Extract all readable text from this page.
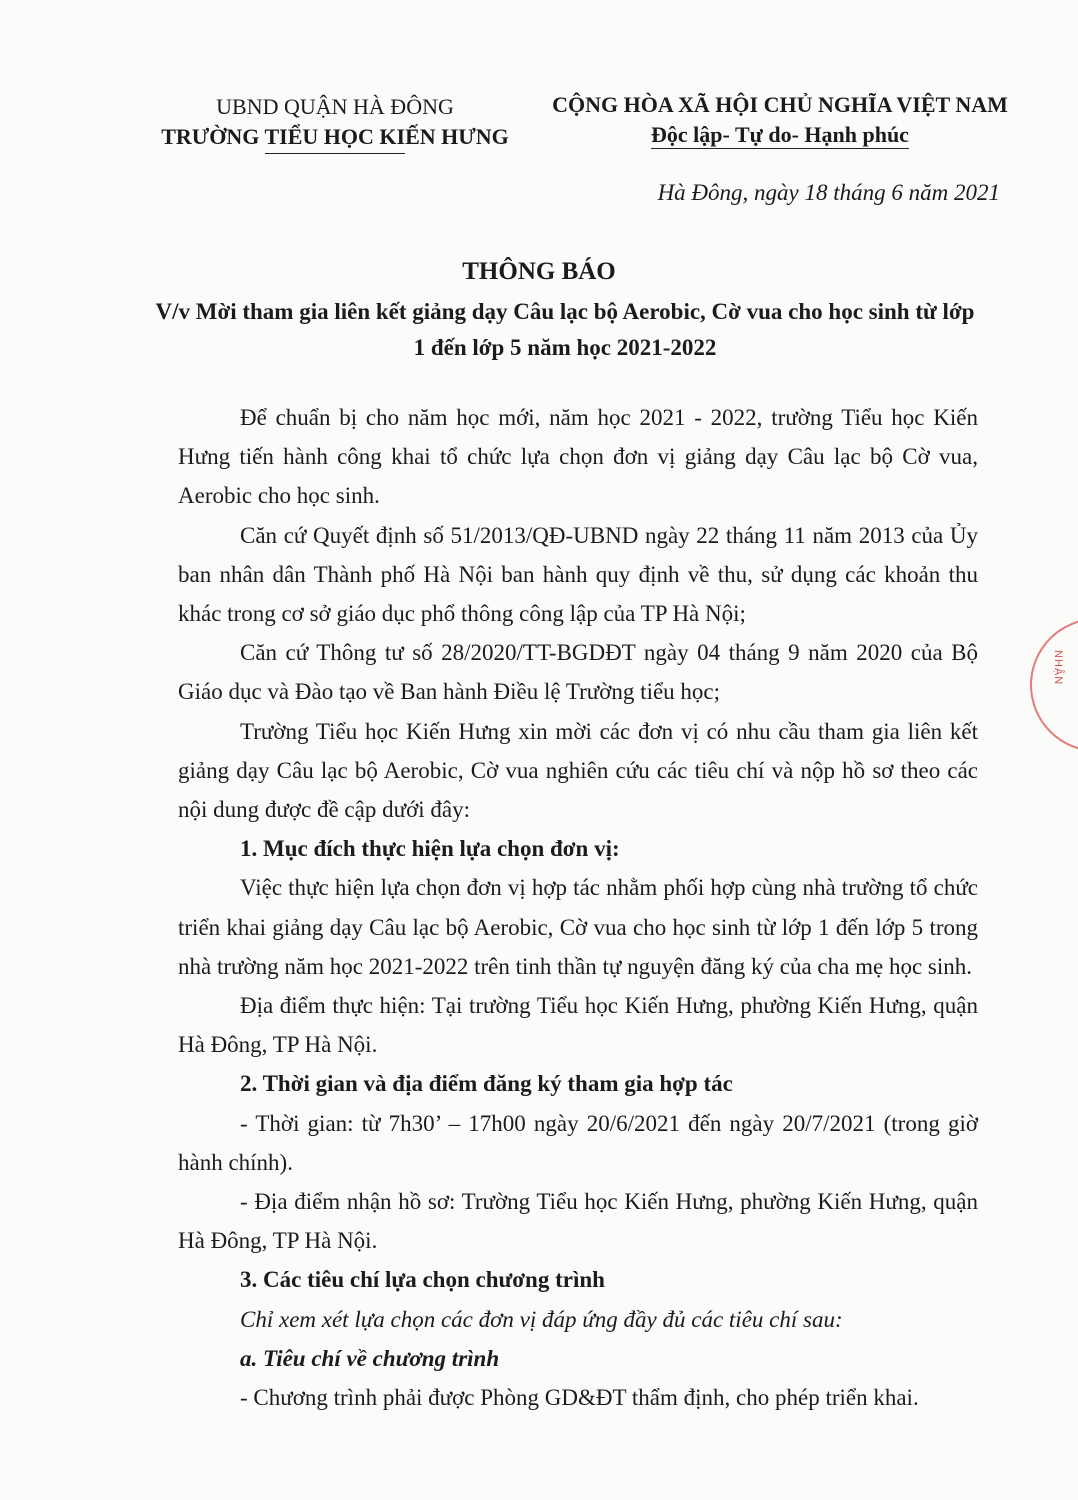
UBND QUẬN HÀ ĐÔNG
TRƯỜNG TIỂU HỌC KIẾN HƯNG
CỘNG HÒA XÃ HỘI CHỦ NGHĨA VIỆT NAM
Độc lập- Tự do- Hạnh phúc
Hà Đông, ngày 18 tháng 6 năm 2021
THÔNG BÁO
V/v Mời tham gia liên kết giảng dạy Câu lạc bộ Aerobic, Cờ vua cho học sinh từ lớp 1 đến lớp 5 năm học 2021-2022

Để chuẩn bị cho năm học mới, năm học 2021 - 2022, trường Tiểu học Kiến Hưng tiến hành công khai tổ chức lựa chọn đơn vị giảng dạy Câu lạc bộ Cờ vua, Aerobic cho học sinh.

Căn cứ Quyết định số 51/2013/QĐ-UBND ngày 22 tháng 11 năm 2013 của Ủy ban nhân dân Thành phố Hà Nội ban hành quy định về thu, sử dụng các khoản thu khác trong cơ sở giáo dục phổ thông công lập của TP Hà Nội;

Căn cứ Thông tư số 28/2020/TT-BGDĐT ngày 04 tháng 9 năm 2020 của Bộ Giáo dục và Đào tạo về Ban hành Điều lệ Trường tiểu học;

Trường Tiểu học Kiến Hưng xin mời các đơn vị có nhu cầu tham gia liên kết giảng dạy Câu lạc bộ Aerobic, Cờ vua nghiên cứu các tiêu chí và nộp hồ sơ theo các nội dung được đề cập dưới đây:

1. Mục đích thực hiện lựa chọn đơn vị:

Việc thực hiện lựa chọn đơn vị hợp tác nhằm phối hợp cùng nhà trường tổ chức triển khai giảng dạy Câu lạc bộ Aerobic, Cờ vua cho học sinh từ lớp 1 đến lớp 5 trong nhà trường năm học 2021-2022 trên tinh thần tự nguyện đăng ký của cha mẹ học sinh.

Địa điểm thực hiện: Tại trường Tiểu học Kiến Hưng, phường Kiến Hưng, quận Hà Đông, TP Hà Nội.

2. Thời gian và địa điểm đăng ký tham gia hợp tác

- Thời gian: từ 7h30’ – 17h00 ngày 20/6/2021 đến ngày 20/7/2021 (trong giờ hành chính).

- Địa điểm nhận hồ sơ: Trường Tiểu học Kiến Hưng, phường Kiến Hưng, quận Hà Đông, TP Hà Nội.

3. Các tiêu chí lựa chọn chương trình

Chỉ xem xét lựa chọn các đơn vị đáp ứng đầy đủ các tiêu chí sau:

a. Tiêu chí về chương trình

- Chương trình phải được Phòng GD&ĐT thẩm định, cho phép triển khai.

NHẬN
